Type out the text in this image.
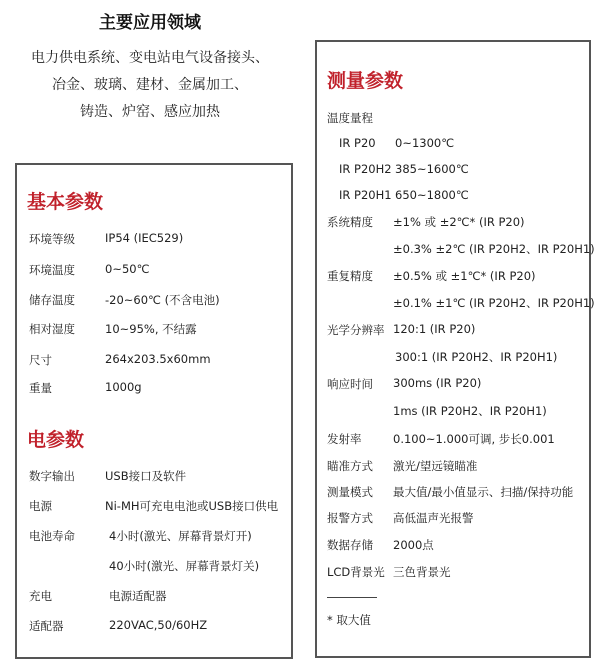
主要应用领域
电力供电系统、变电站电气设备接头、
冶金、玻璃、建材、金属加工、
铸造、炉窑、感应加热
基本参数
环境等级	IP54 (IEC529)
环境温度	0~50℃
储存温度	-20~60℃ (不含电池)
相对湿度	10~95%, 不结露
尺寸	264x203.5x60mm
重量	1000g
电参数
数字输出	USB接口及软件
电源	Ni-MH可充电电池或USB接口供电
电池寿命	4小时(激光、屏幕背景灯开)
40小时(激光、屏幕背景灯关)
充电	电源适配器
适配器	220VAC,50/60HZ
测量参数
温度量程
IR P20 0~1300℃
IR P20H2 385~1600℃
IR P20H1 650~1800℃
系统精度 ±1% 或 ±2℃* (IR P20)
±0.3% ±2℃ (IR P20H2、IR P20H1)
重复精度 ±0.5% 或 ±1℃* (IR P20)
±0.1% ±1℃ (IR P20H2、IR P20H1)
光学分辨率 120:1 (IR P20)
300:1 (IR P20H2、IR P20H1)
响应时间 300ms (IR P20)
1ms (IR P20H2、IR P20H1)
发射率	0.100~1.000可调, 步长0.001
瞄准方式 激光/望远镜瞄准
测量模式 最大值/最小值显示、扫描/保持功能
报警方式 高低温声光报警
数据存储 2000点
LCD背景光 三色背景光
* 取大值
